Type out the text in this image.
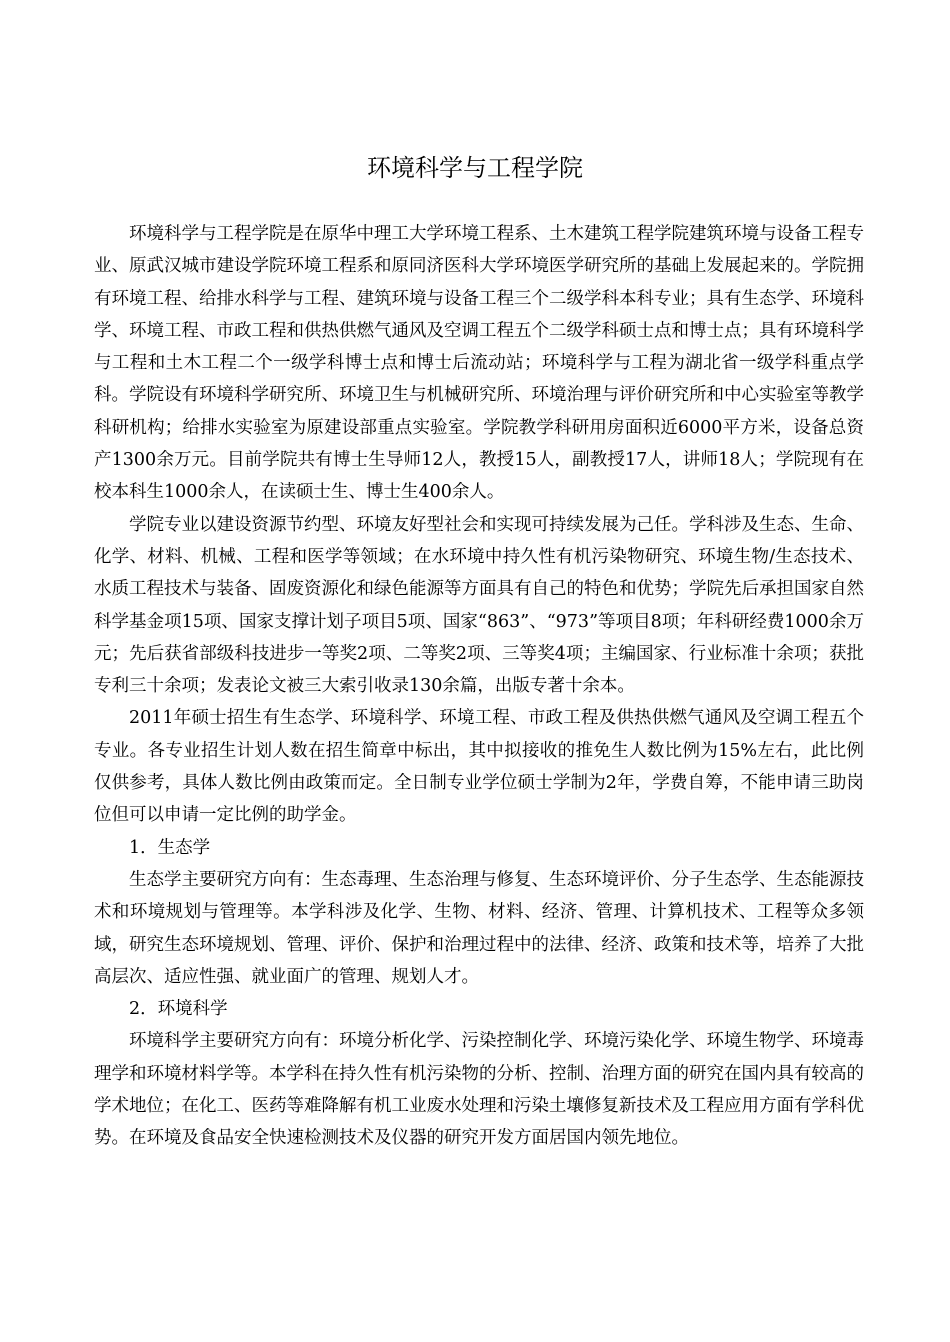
环境科学与工程学院

环境科学与工程学院是在原华中理工大学环境工程系、土木建筑工程学院建筑环境与设备工程专业、原武汉城市建设学院环境工程系和原同济医科大学环境医学研究所的基础上发展起来的。学院拥有环境工程、给排水科学与工程、建筑环境与设备工程三个二级学科本科专业；具有生态学、环境科学、环境工程、市政工程和供热供燃气通风及空调工程五个二级学科硕士点和博士点；具有环境科学与工程和土木工程二个一级学科博士点和博士后流动站；环境科学与工程为湖北省一级学科重点学科。学院设有环境科学研究所、环境卫生与机械研究所、环境治理与评价研究所和中心实验室等教学科研机构；给排水实验室为原建设部重点实验室。学院教学科研用房面积近6000平方米，设备总资产1300余万元。目前学院共有博士生导师12人，教授15人，副教授17人，讲师18人；学院现有在校本科生1000余人，在读硕士生、博士生400余人。

学院专业以建设资源节约型、环境友好型社会和实现可持续发展为己任。学科涉及生态、生命、化学、材料、机械、工程和医学等领域；在水环境中持久性有机污染物研究、环境生物/生态技术、水质工程技术与装备、固废资源化和绿色能源等方面具有自己的特色和优势；学院先后承担国家自然科学基金项15项、国家支撑计划子项目5项、国家“863”、“973”等项目8项；年科研经费1000余万元；先后获省部级科技进步一等奖2项、二等奖2项、三等奖4项；主编国家、行业标准十余项；获批专利三十余项；发表论文被三大索引收录130余篇，出版专著十余本。

2011年硕士招生有生态学、环境科学、环境工程、市政工程及供热供燃气通风及空调工程五个专业。各专业招生计划人数在招生简章中标出，其中拟接收的推免生人数比例为15%左右，此比例仅供参考，具体人数比例由政策而定。全日制专业学位硕士学制为2年，学费自筹，不能申请三助岗位但可以申请一定比例的助学金。

1．生态学

生态学主要研究方向有：生态毒理、生态治理与修复、生态环境评价、分子生态学、生态能源技术和环境规划与管理等。本学科涉及化学、生物、材料、经济、管理、计算机技术、工程等众多领域，研究生态环境规划、管理、评价、保护和治理过程中的法律、经济、政策和技术等，培养了大批高层次、适应性强、就业面广的管理、规划人才。

2．环境科学

环境科学主要研究方向有：环境分析化学、污染控制化学、环境污染化学、环境生物学、环境毒理学和环境材料学等。本学科在持久性有机污染物的分析、控制、治理方面的研究在国内具有较高的学术地位；在化工、医药等难降解有机工业废水处理和污染土壤修复新技术及工程应用方面有学科优势。在环境及食品安全快速检测技术及仪器的研究开发方面居国内领先地位。
